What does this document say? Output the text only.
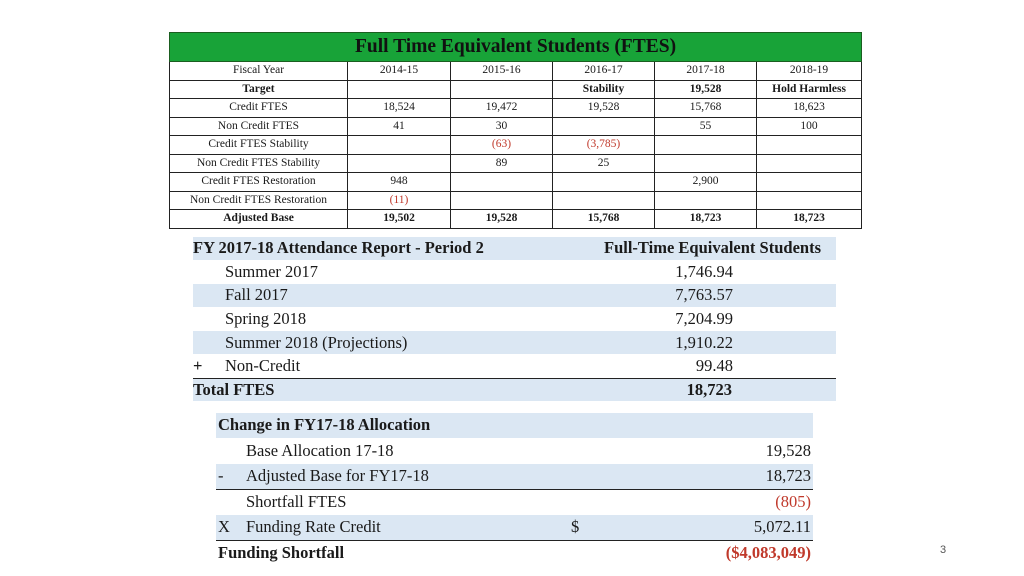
Full Time Equivalent Students (FTES)					
Fiscal Year	2014-15	2015-16	2016-17	2017-18	2018-19
Target			Stability	19,528	Hold Harmless
Credit FTES	18,524	19,472	19,528	15,768	18,623
Non Credit FTES	41	30		55	100
Credit FTES Stability		(63)	(3,785)		
Non Credit FTES Stability		89	25		
Credit FTES Restoration	948			2,900	
Non Credit FTES Restoration	(11)				
Adjusted Base	19,502	19,528	15,768	18,723	18,723
FY 2017-18 Attendance Report - Period 2		Full-Time Equivalent Students
	Summer 2017	1,746.94
	Fall 2017	7,763.57
	Spring 2018	7,204.99
	Summer 2018 (Projections)	1,910.22
+	Non-Credit	99.48
Total FTES		18,723
Change in FY17-18 Allocation			
	Base Allocation 17-18		19,528
-	Adjusted Base for FY17-18		18,723
	Shortfall FTES		(805)
X	Funding Rate Credit	$	5,072.11
Funding Shortfall			($4,083,049)	3
